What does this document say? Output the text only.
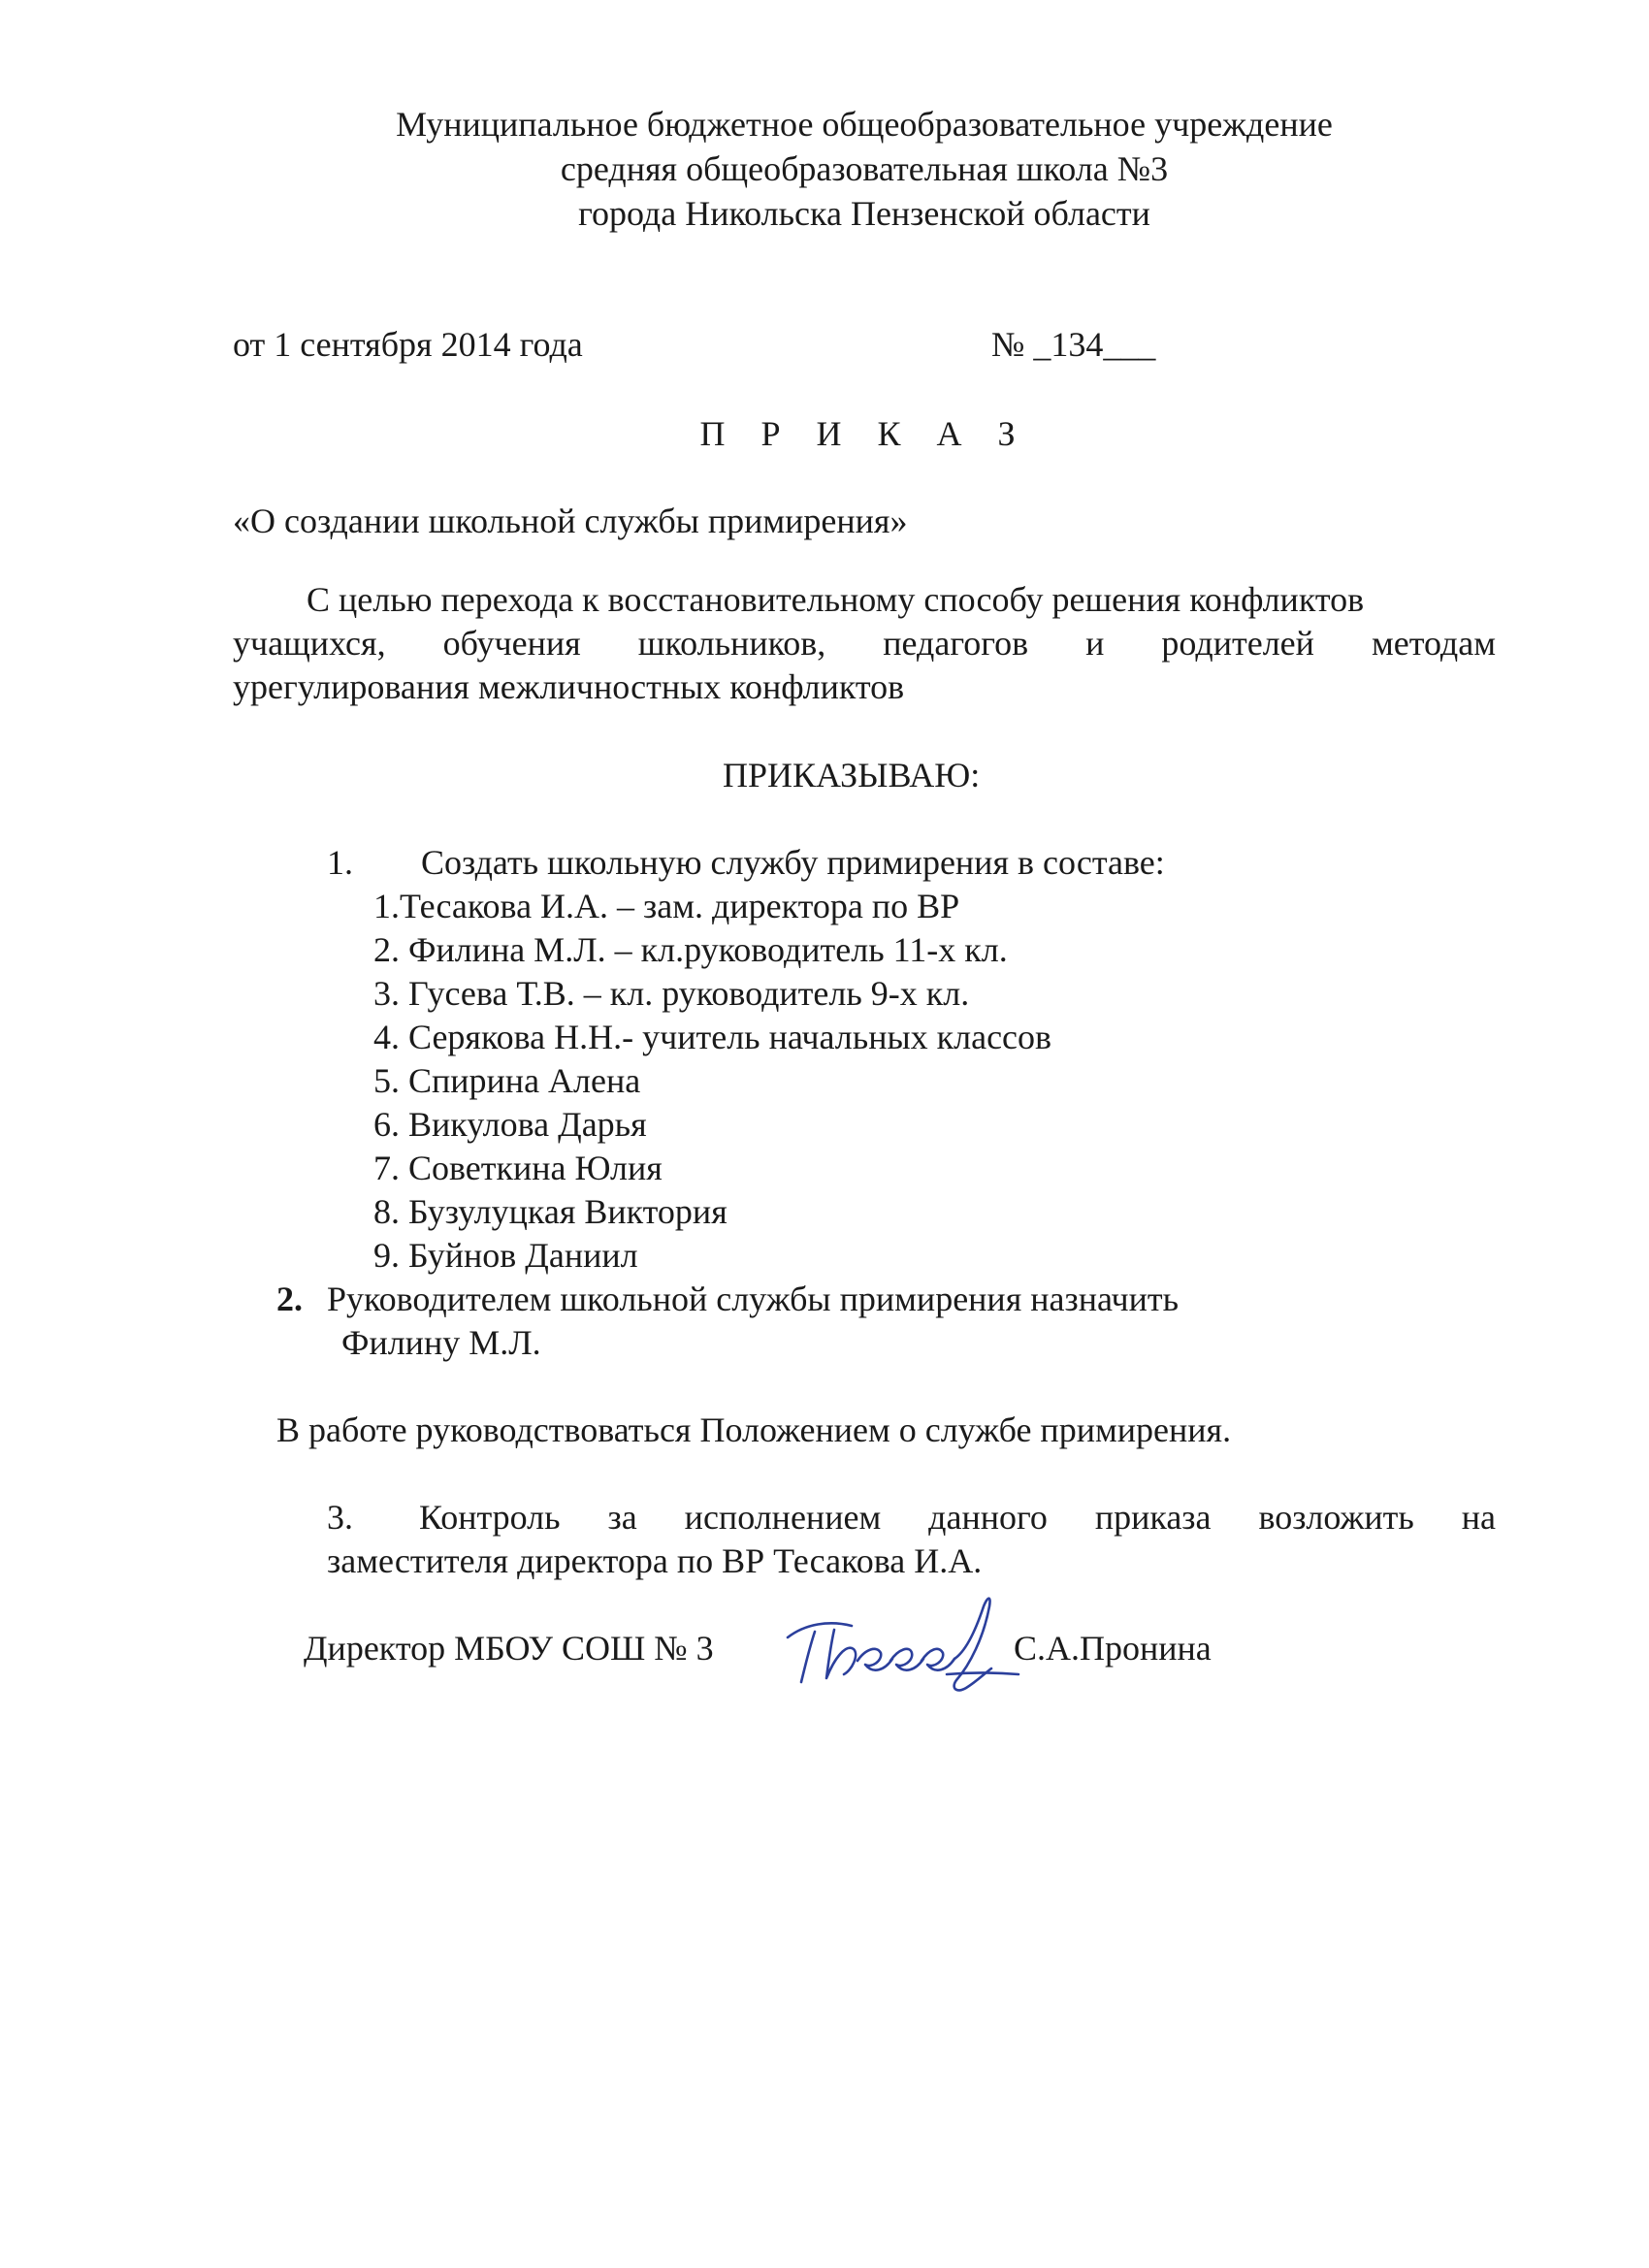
Муниципальное бюджетное общеобразовательное учреждение
средняя общеобразовательная школа №3
города Никольска Пензенской области
от 1 сентября 2014 года	№ _134___
П Р И К А З
«О создании школьной службы примирения»
С целью перехода к восстановительному способу решения конфликтов
учащихся, обучения школьников, педагогов и родителей методам
урегулирования межличностных конфликтов
ПРИКАЗЫВАЮ:
1. Создать школьную службу примирения в составе:
1.Тесакова И.А. – зам. директора по ВР
2. Филина М.Л. – кл.руководитель 11-х кл.
3. Гусева Т.В. – кл. руководитель 9-х кл.
4. Серякова Н.Н.- учитель начальных классов
5. Спирина Алена
6. Викулова Дарья
7. Советкина Юлия
8. Бузулуцкая Виктория
9. Буйнов Даниил
2. Руководителем школьной службы примирения назначить
Филину М.Л.
В работе руководствоваться Положением о службе примирения.
3. Контроль за исполнением данного приказа возложить на
заместителя директора по ВР Тесакова И.А.
Директор МБОУ СОШ № 3	С.А.Пронина
